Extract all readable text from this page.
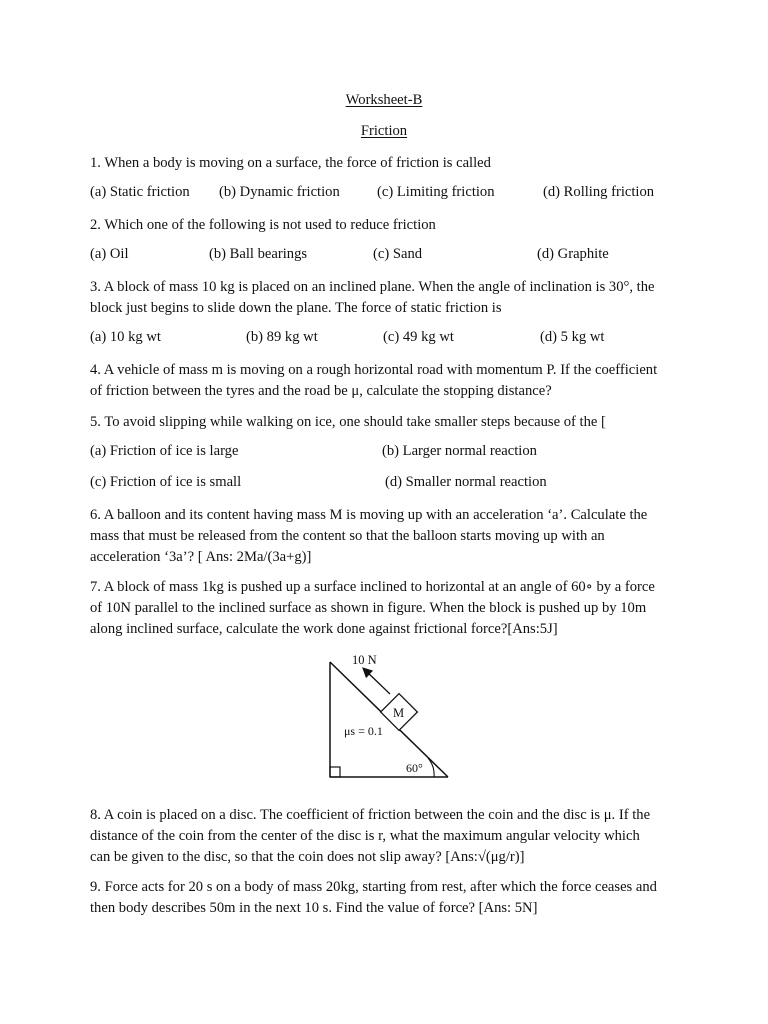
Worksheet-B
Friction
1. When a body is moving on a surface, the force of friction is called
(a) Static friction (b) Dynamic friction	(c) Limiting friction	(d) Rolling friction
2. Which one of the following is not used to reduce friction
(a) Oil	(b) Ball bearings	(c) Sand	(d) Graphite
3. A block of mass 10 kg is placed on an inclined plane. When the angle of inclination is 30°, the
block just begins to slide down the plane. The force of static friction is
(a) 10 kg wt	(b) 89 kg wt	(c) 49 kg wt	(d) 5 kg wt
4. A vehicle of mass m is moving on a rough horizontal road with momentum P. If the coefficient
of friction between the tyres and the road be μ, calculate the stopping distance?
5. To avoid slipping while walking on ice, one should take smaller steps because of the [
(a) Friction of ice is large	(b) Larger normal reaction
(c) Friction of ice is small	(d) Smaller normal reaction
6. A balloon and its content having mass M is moving up with an acceleration ‘a’. Calculate the
mass that must be released from the content so that the balloon starts moving up with an
acceleration ‘3a’? [ Ans: 2Ma/(3a+g)]
7. A block of mass 1kg is pushed up a surface inclined to horizontal at an angle of 60∘ by a force
of 10N parallel to the inclined surface as shown in figure. When the block is pushed up by 10m
along inclined surface, calculate the work done against frictional force?[Ans:5J]
10 N
M
μs = 0.1
60°
8. A coin is placed on a disc. The coefficient of friction between the coin and the disc is μ. If the
distance of the coin from the center of the disc is r, what the maximum angular velocity which
can be given to the disc, so that the coin does not slip away? [Ans:√(μg/r)]
9. Force acts for 20 s on a body of mass 20kg, starting from rest, after which the force ceases and
then body describes 50m in the next 10 s. Find the value of force? [Ans: 5N]
